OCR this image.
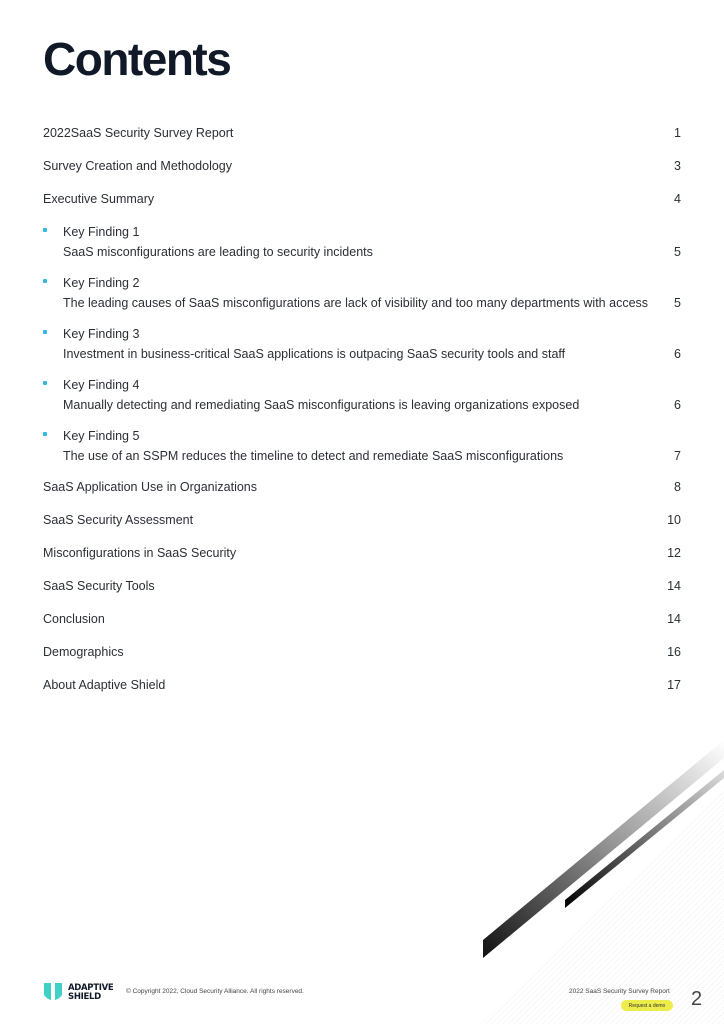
Contents
2022SaaS Security Survey Report	1
Survey Creation and Methodology	3
Executive Summary	4
Key Finding 1
SaaS misconfigurations are leading to security incidents	5
Key Finding 2
The leading causes of SaaS misconfigurations are lack of visibility and too many departments with access 5
Key Finding 3
Investment in business-critical SaaS applications is outpacing SaaS security tools and staff	6
Key Finding 4
Manually detecting and remediating SaaS misconfigurations is leaving organizations exposed	6
Key Finding 5
The use of an SSPM reduces the timeline to detect and remediate SaaS misconfigurations	7
SaaS Application Use in Organizations	8
SaaS Security Assessment	10
Misconfigurations in SaaS Security	12
SaaS Security Tools	14
Conclusion	14
Demographics	16
About Adaptive Shield	17
ADAPTIVE
SHIELD
© Copyright 2022, Cloud Security Alliance. All rights reserved.	2022 SaaS Security Survey Report
Request a demo	2
